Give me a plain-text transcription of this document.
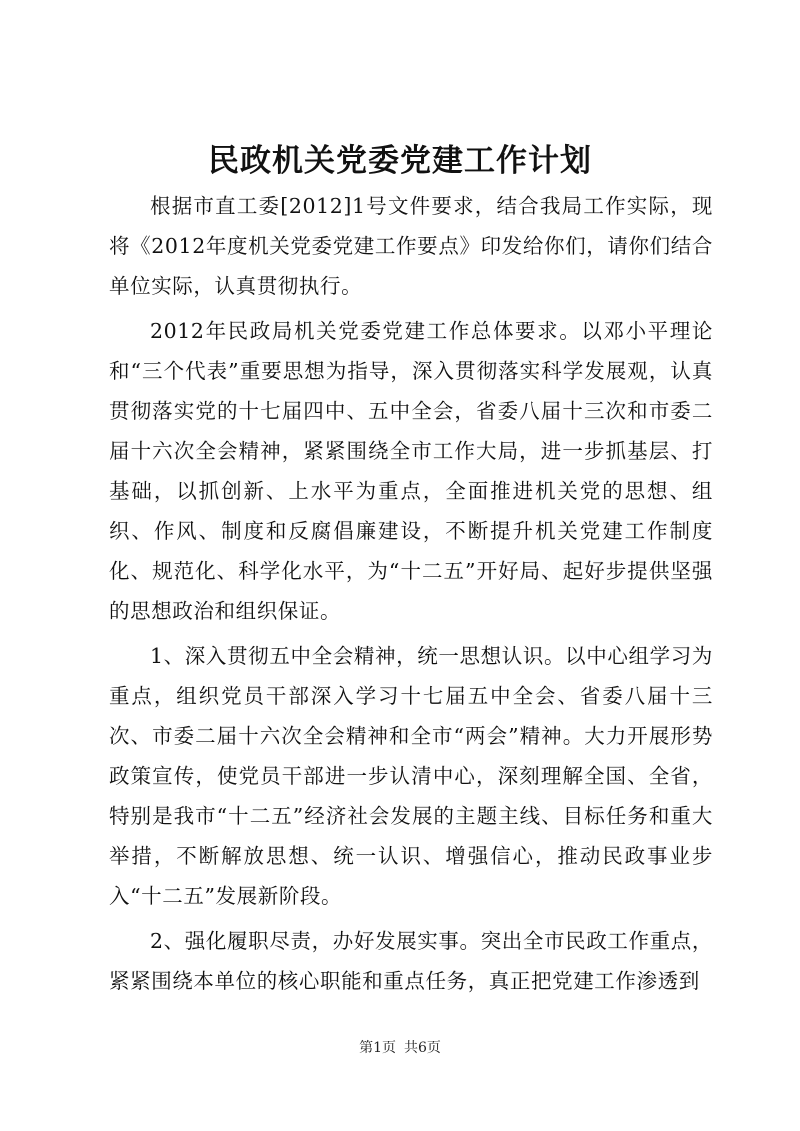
民政机关党委党建工作计划

根据市直工委[2012]1号文件要求，结合我局工作实际，现将《2012年度机关党委党建工作要点》印发给你们，请你们结合单位实际，认真贯彻执行。

2012年民政局机关党委党建工作总体要求。以邓小平理论和“三个代表”重要思想为指导，深入贯彻落实科学发展观，认真贯彻落实党的十七届四中、五中全会，省委八届十三次和市委二届十六次全会精神，紧紧围绕全市工作大局，进一步抓基层、打基础，以抓创新、上水平为重点，全面推进机关党的思想、组织、作风、制度和反腐倡廉建设，不断提升机关党建工作制度化、规范化、科学化水平，为“十二五”开好局、起好步提供坚强的思想政治和组织保证。

1、深入贯彻五中全会精神，统一思想认识。以中心组学习为重点，组织党员干部深入学习十七届五中全会、省委八届十三次、市委二届十六次全会精神和全市“两会”精神。大力开展形势政策宣传，使党员干部进一步认清中心，深刻理解全国、全省，特别是我市“十二五”经济社会发展的主题主线、目标任务和重大举措，不断解放思想、统一认识、增强信心，推动民政事业步入“十二五”发展新阶段。

2、强化履职尽责，办好发展实事。突出全市民政工作重点，紧紧围绕本单位的核心职能和重点任务，真正把党建工作渗透到

第1页 共6页
